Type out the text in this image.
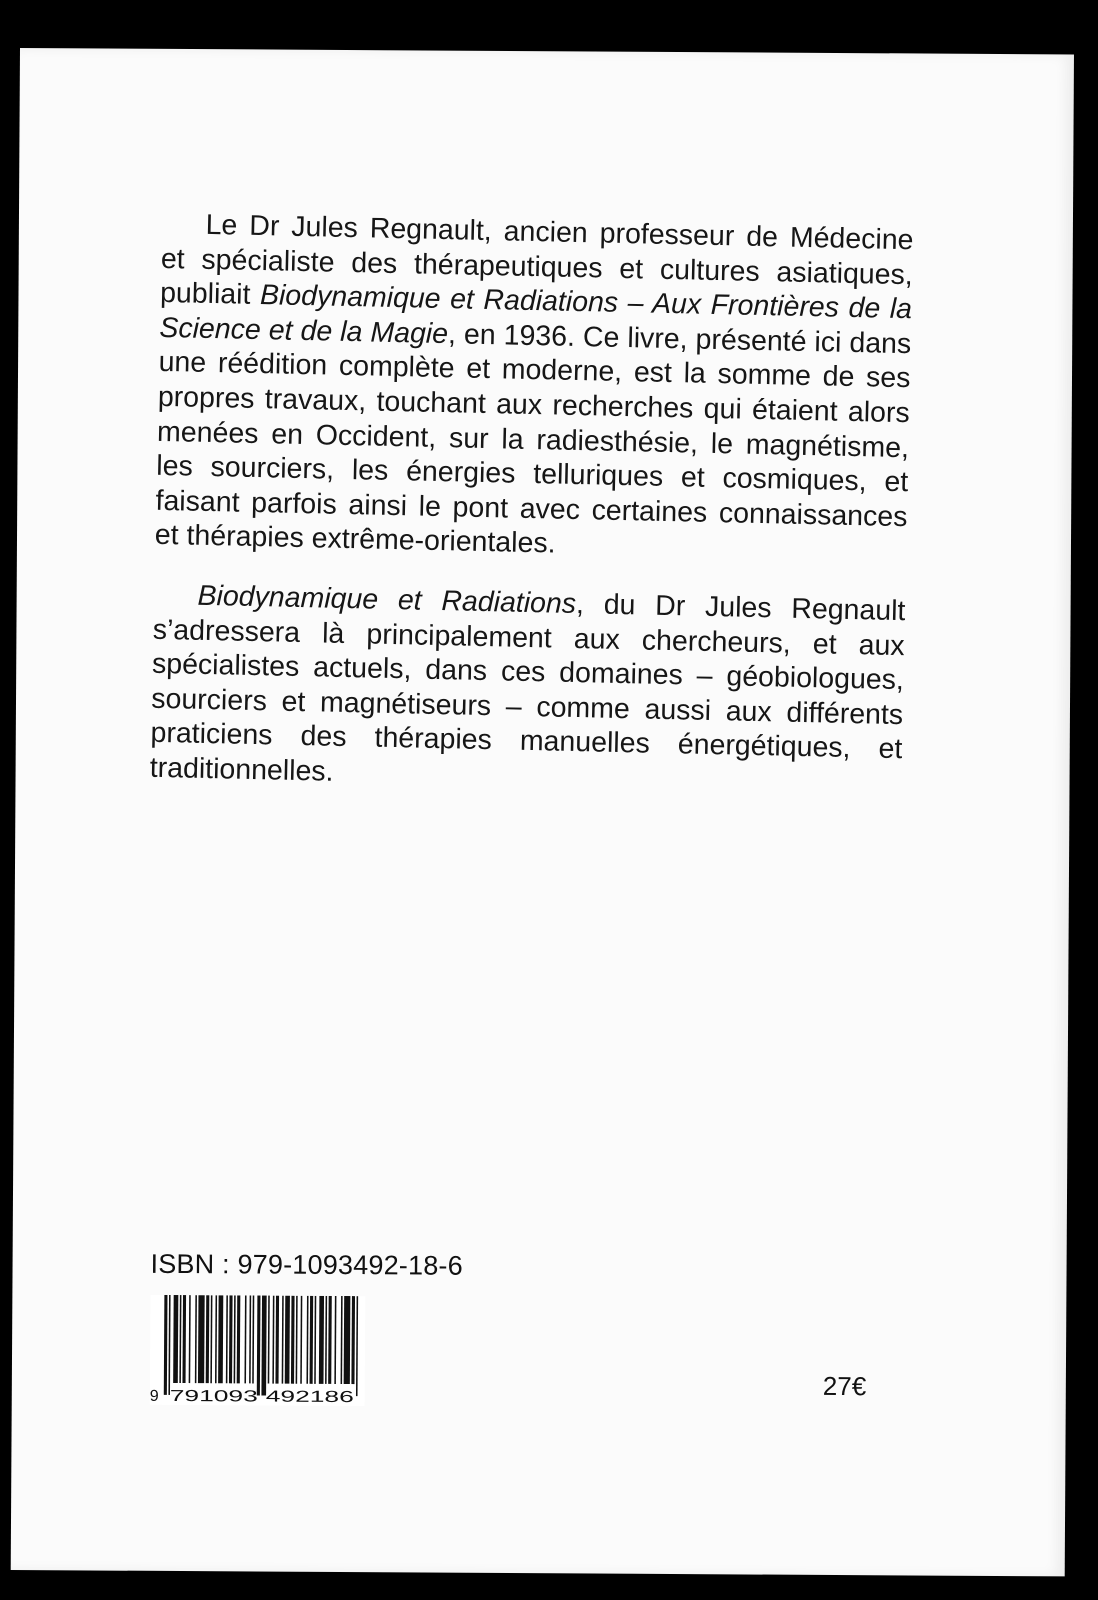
Le Dr Jules Regnault, ancien professeur de Médecine et spécialiste des thérapeutiques et cultures asiatiques, publiait Biodynamique et Radiations – Aux Frontières de la Science et de la Magie, en 1936. Ce livre, présenté ici dans une réédition complète et moderne, est la somme de ses propres travaux, touchant aux recherches qui étaient alors menées en Occident, sur la radiesthésie, le magnétisme, les sourciers, les énergies telluriques et cosmiques, et faisant parfois ainsi le pont avec certaines connaissances et thérapies extrême-orientales.

Biodynamique et Radiations, du Dr Jules Regnault s’adressera là principalement aux chercheurs, et aux spécialistes actuels, dans ces domaines – géobiologues, sourciers et magnétiseurs – comme aussi aux différents praticiens des thérapies manuelles énergétiques, et traditionnelles.

ISBN : 979-1093492-18-6
9 791093	492186	27€
